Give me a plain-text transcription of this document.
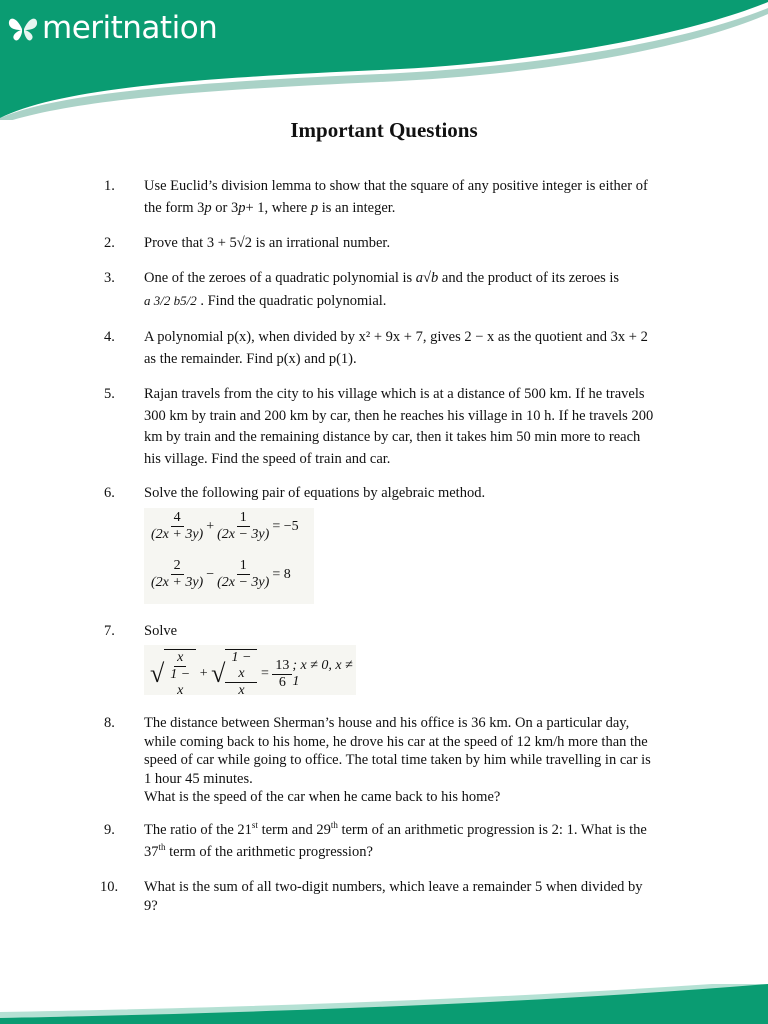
meritnation
Important Questions
1.	Use Euclid’s division lemma to show that the square of any positive integer is either of
the form 3p or 3p+ 1, where p is an integer.
2.	Prove that 3 + 5√2 is an irrational number.
3.	One of the zeroes of a quadratic polynomial is a√b and the product of its zeroes is
a 3/2 b5/2 . Find the quadratic polynomial.
4.	A polynomial p(x), when divided by x² + 9x + 7, gives 2 − x as the quotient and 3x + 2
as the remainder. Find p(x) and p(1).
5.	Rajan travels from the city to his village which is at a distance of 500 km. If he travels
300 km by train and 200 km by car, then he reaches his village in 10 h. If he travels 200
km by train and the remaining distance by car, then it takes him 50 min more to reach
his village. Find the speed of train and car.
6.	Solve the following pair of equations by algebraic method.
$\frac{4}{(2x + 3y)} + \frac{1}{(2x - 3y)} = -5$
$\frac{2}{(2x + 3y)} - \frac{1}{(2x - 3y)} = 8$
7.	Solve
√ $\frac{x}{1 - x}$ + √ $\frac{1 - x}{x} = \frac{13}{6}$ ; x ≠ 0, x ≠ 1
8.	The distance between Sherman’s house and his office is 36 km. On a particular day,
while coming back to his home, he drove his car at the speed of 12 km/h more than the
speed of car while going to office. The total time taken by him while travelling in car is
1 hour 45 minutes.
What is the speed of the car when he came back to his home?
9.	The ratio of the 21st term and 29th term of an arithmetic progression is 2: 1. What is the
37th term of the arithmetic progression?
10.	What is the sum of all two-digit numbers, which leave a remainder 5 when divided by
9?
